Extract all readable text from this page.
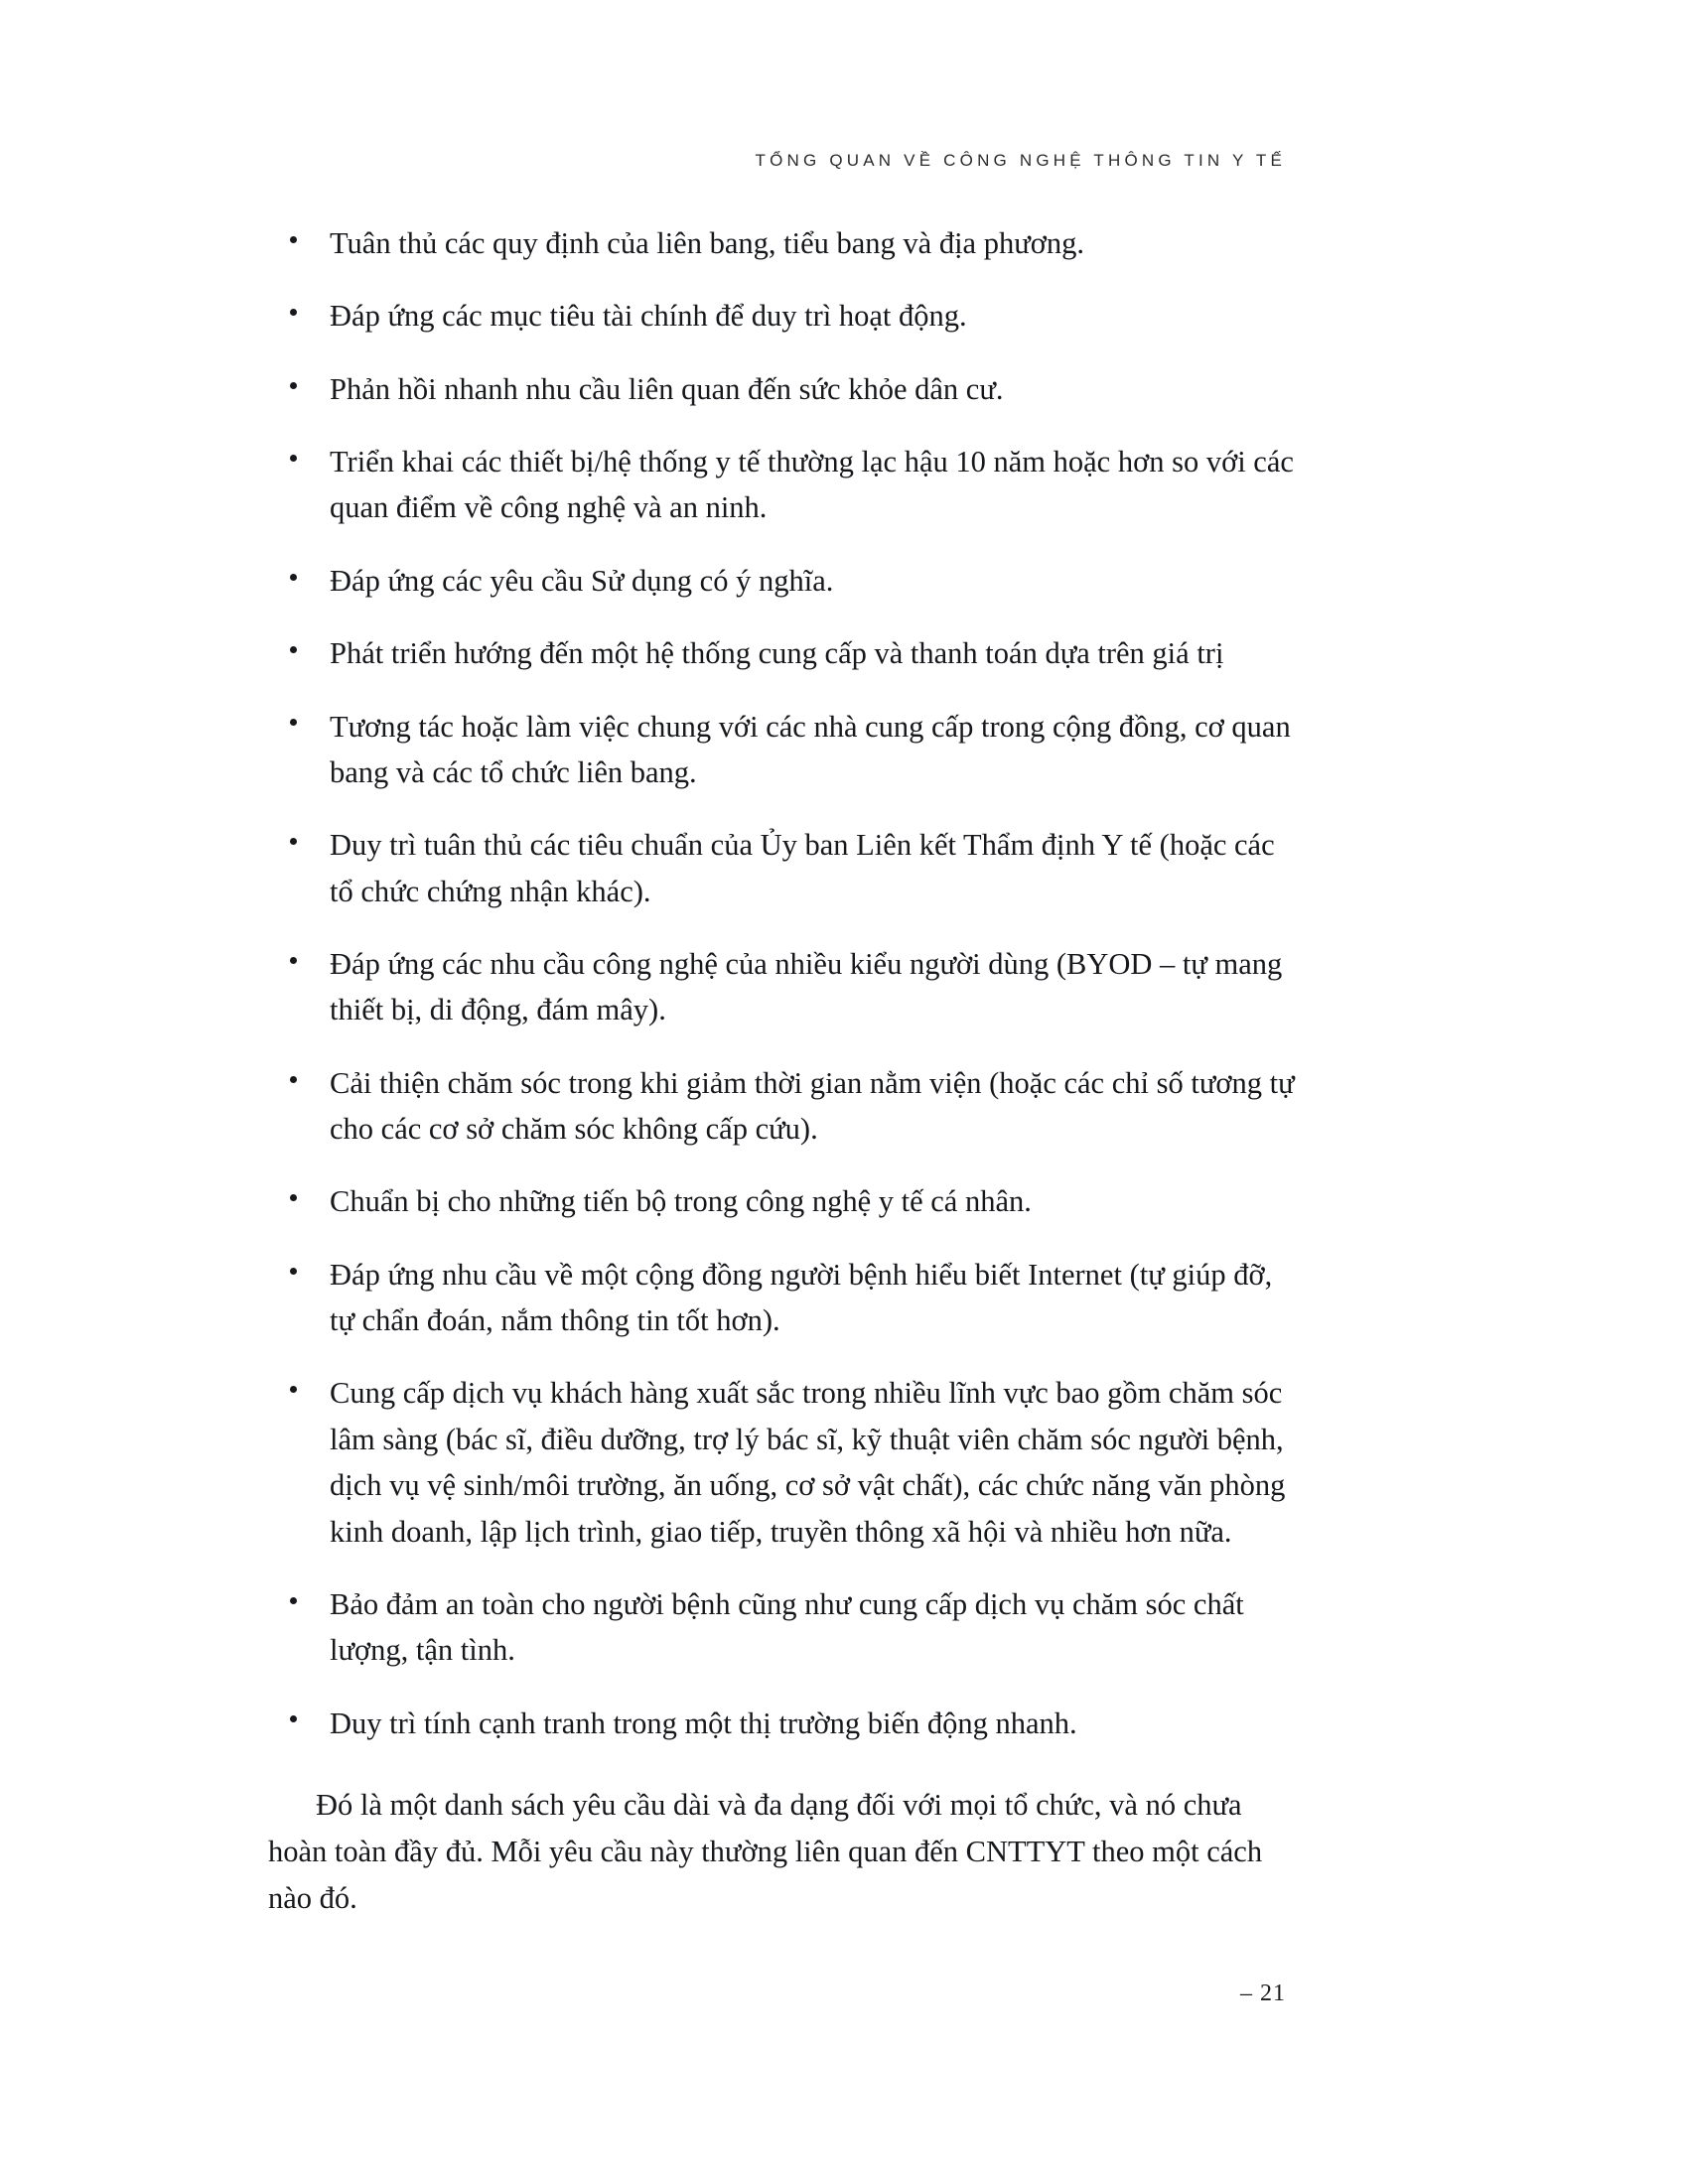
TỔNG QUAN VỀ CÔNG NGHỆ THÔNG TIN Y TẾ
Tuân thủ các quy định của liên bang, tiểu bang và địa phương.
Đáp ứng các mục tiêu tài chính để duy trì hoạt động.
Phản hồi nhanh nhu cầu liên quan đến sức khỏe dân cư.
Triển khai các thiết bị/hệ thống y tế thường lạc hậu 10 năm hoặc hơn so với các quan điểm về công nghệ và an ninh.
Đáp ứng các yêu cầu Sử dụng có ý nghĩa.
Phát triển hướng đến một hệ thống cung cấp và thanh toán dựa trên giá trị
Tương tác hoặc làm việc chung với các nhà cung cấp trong cộng đồng, cơ quan bang và các tổ chức liên bang.
Duy trì tuân thủ các tiêu chuẩn của Ủy ban Liên kết Thẩm định Y tế (hoặc các tổ chức chứng nhận khác).
Đáp ứng các nhu cầu công nghệ của nhiều kiểu người dùng (BYOD – tự mang thiết bị, di động, đám mây).
Cải thiện chăm sóc trong khi giảm thời gian nằm viện (hoặc các chỉ số tương tự cho các cơ sở chăm sóc không cấp cứu).
Chuẩn bị cho những tiến bộ trong công nghệ y tế cá nhân.
Đáp ứng nhu cầu về một cộng đồng người bệnh hiểu biết Internet (tự giúp đỡ, tự chẩn đoán, nắm thông tin tốt hơn).
Cung cấp dịch vụ khách hàng xuất sắc trong nhiều lĩnh vực bao gồm chăm sóc lâm sàng (bác sĩ, điều dưỡng, trợ lý bác sĩ, kỹ thuật viên chăm sóc người bệnh, dịch vụ vệ sinh/môi trường, ăn uống, cơ sở vật chất), các chức năng văn phòng kinh doanh, lập lịch trình, giao tiếp, truyền thông xã hội và nhiều hơn nữa.
Bảo đảm an toàn cho người bệnh cũng như cung cấp dịch vụ chăm sóc chất lượng, tận tình.
Duy trì tính cạnh tranh trong một thị trường biến động nhanh.

Đó là một danh sách yêu cầu dài và đa dạng đối với mọi tổ chức, và nó chưa hoàn toàn đầy đủ. Mỗi yêu cầu này thường liên quan đến CNTTYT theo một cách nào đó.

– 21
